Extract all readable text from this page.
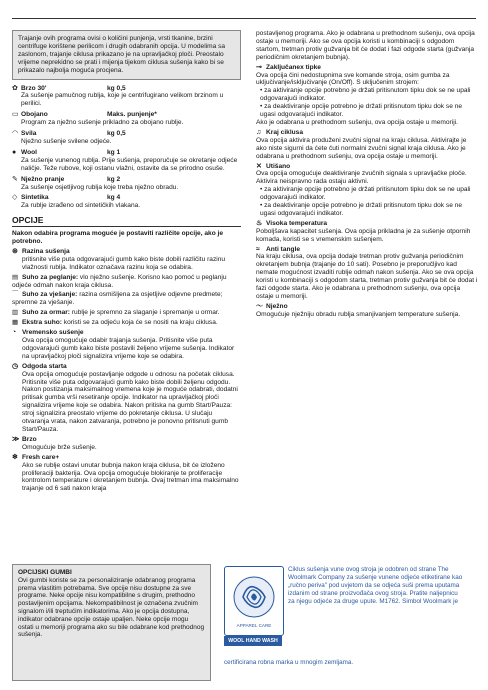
Trajanje ovih programa ovisi o količini punjenja, vrsti tkanine, brzini centrifuge korištene perilicom i drugih odabranih opcija. U modelima sa zaslonom, trajanje ciklusa prikazano je na upravljačkoj ploči. Preostalo vrijeme neprekidno se prati i mijenja tijekom ciklusa sušenja kako bi se prikazalo najbolja moguća procjena.
✿ Brzo 30'	kg 0,5
Za sušenje pamučnog rublja, koje je centrifugirano velikom brzinom u perilici.
▭ Obojano	Maks. punjenje*
Program za nježno sušenje prikladno za obojano rublje.
◠ Svila	kg 0,5
Nježno sušenje svilene odjeće.
● Wool	kg 1
Za sušenje vunenog rublja. Prije sušenja, preporučuje se okretanje odjeće naličje. Teže rubove, koji ostanu vlažni, ostavite da se prirodno osuše.
✎ Nježno pranje	kg 2
Za sušenje osjetljivog rublja koje treba nježno obradu.
◇ Sintetika	kg 4
Za rublje izrađeno od sintetičkih vlakana.
OPCIJE
Nakon odabira programa moguće je postaviti različite opcije, ako je potrebno.
⊛ Razina sušenja
pritisnite više puta odgovarajući gumb kako biste dobili različitu razinu vlažnosti rublja. Indikator označava razinu koja se odabira.
▤ Suho za peglanje: vlo nježno sušenje. Korisno kao pomoć u peglanju odjeće odmah nakon kraja ciklusa.
⌒ Suho za vješanje: razina osmišljena za osjetljive odjevne predmete; spremne za vješanje.
▥ Suho za ormar: rublje je spremno za slaganje i spremanje u ormar.
▦ Ekstra suho: koristi se za odjeću koja će se nositi na kraju ciklusa.
◔ Vremensko sušenje
Ova opcija omogućuje odabir trajanja sušenja. Pritisnite više puta odgovarajući gumb kako biste postavili željeno vrijeme sušenja. Indikator na upravljačkoj ploči signalizira vrijeme koje se odabira.
◷ Odgoda starta
Ova opcija omogućuje postavljanje odgode u odnosu na početak ciklusa. Pritisnite više puta odgovarajući gumb kako biste dobili željenu odgodu. Nakon postizanja maksimalnog vremena koje je moguće odabrati, dodatni pritisak gumba vrši resetiranje opcije. Indikator na upravljačkoj ploči signalizira vrijeme koje se odabira. Nakon pritiska na gumb Start/Pauza: stroj signalizira preostalo vrijeme do pokretanje ciklusa. U slučaju otvaranja vrata, nakon zatvaranja, potrebno je ponovno pritisnuti gumb Start/Pauza.
≫ Brzo
Omogućuje brže sušenje.
❄ Fresh care+
Ako se rublje ostavi unutar bubnja nakon kraja ciklusa, bit će izloženo proliferaciji bakterija. Ova opcija omogućuje blokiranje te proliferacije kontrolom temperature i okretanjem bubnja. Ovaj tretman ima maksimalno trajanje od 6 sati nakon kraja
postavljenog programa. Ako je odabrana u prethodnom sušenju, ova opcija ostaje u memoriji. Ako se ova opcija koristi u kombinaciji s odgodom startom, tretman protiv gužvanja bit će dodat i fazi odgode starta (gužvanja periodičnim okretanjem bubnja).
⊸ Zaključanex tipke
Ova opcija čini nedostupnima sve komande stroja, osim gumba za uključivanje/isključivanje (On/Off). S uključenim strojem:
• za aktiviranje opcije potrebno je držati pritisnutom tipku dok se ne upali odgovarajući indikator.
• za deaktiviranje opcije potrebno je držati pritisnutom tipku dok se ne ugasi odgovarajući indikator.
Ako je odabrana u prethodnom sušenju, ova opcija ostaje u memoriji.
♫ Kraj ciklusa
Ova opcija aktivira produženi zvučni signal na kraju ciklusa. Aktivirajte je ako niste sigurni da ćete čuti normalni zvučni signal kraja ciklusa. Ako je odabrana u prethodnom sušenju, ova opcija ostaje u memoriji.
✕ Utišano
Ova opcija omogućuje deaktiviranje zvučnih signala s upravljačke ploče. Aktivira neispravno rada ostaju aktivni.
• za aktiviranje opcije potrebno je držati pritisnutom tipku dok se ne upali odgovarajući indikator.
• za deaktiviranje opcije potrebno je držati pritisnutom tipku dok se ne ugasi odgovarajući indikator.
♨ Visoka temperatura
Pobolјšava kapacitet sušenja. Ova opcija prikladna je za sušenje otpornih komada, koristi se s vremenskim sušenjem.
≈ Anti tangle
Na kraju ciklusa, ova opcija dodaje tretman protiv gužvanja periodičnim okretanjem bubnja (trajanje do 10 sati). Posebno je preporučljivo kad nemate mogućnost izvaditi rublje odmah nakon sušenja. Ako se ova opcija koristi u kombinaciji s odgodom starta, tretman protiv gužvanja bit će dodat i fazi odgode starta. Ako je odabrana u prethodnom sušenju, ova opcija ostaje u memoriji.
〜 Nježno
Omogućuje nježniju obradu rublja smanjivanjem temperature sušenja.
OPCIJSKI GUMBI
Ovi gumbi koriste se za personaliziranje odabranog programa prema vlastitim potrebama. Sve opcije nisu dostupne za sve programe. Neke opcije nisu kompatibilne s drugim, prethodno postavljenim opcijama. Nekompatibilnost je označena zvučnim signalom i/ili treptućim indikatorima. Ako je opcija dostupna, indikator odabrane opcije ostaje upaljen. Neke opcije mogu ostati u memoriji programa ako su bile odabrane kod prethodnog sušenja.
APPAREL CARE
WOOL HAND WASH SAFE
Ciklus sušenja vune ovog stroja je odobren od strane The Woolmark Company za sušenje vunene odjeće etiketirane kao „ručno periva" pod uvjetom da se odjeća suši prema uputama izdanim od strane proizvođača ovog stroja. Pratite naljepnicu za njegu odjeće za druge upute. M1762. Simbol Woolmark je
certificirana robna marka u mnogim zemljama.
